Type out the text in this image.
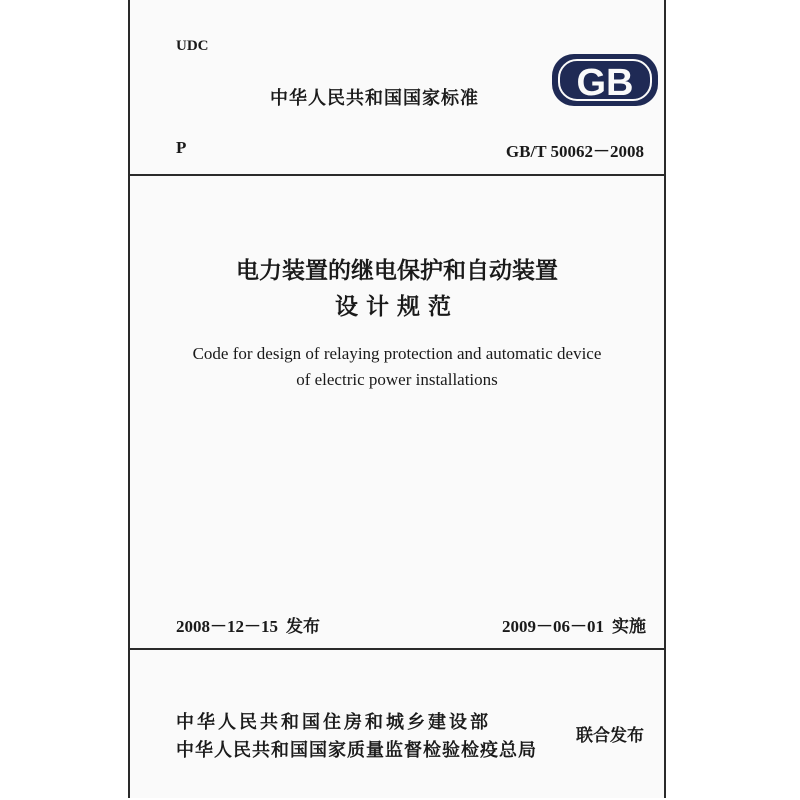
UDC
中华人民共和国国家标准	GB
P	GB/T 50062－2008
电力装置的继电保护和自动装置
设计规范
Code for design of relaying protection and automatic device
of electric power installations
2008－12－15 发布	2009－06－01 实施
中华人民共和国住房和城乡建设部
中华人民共和国国家质量监督检验检疫总局
联合发布
